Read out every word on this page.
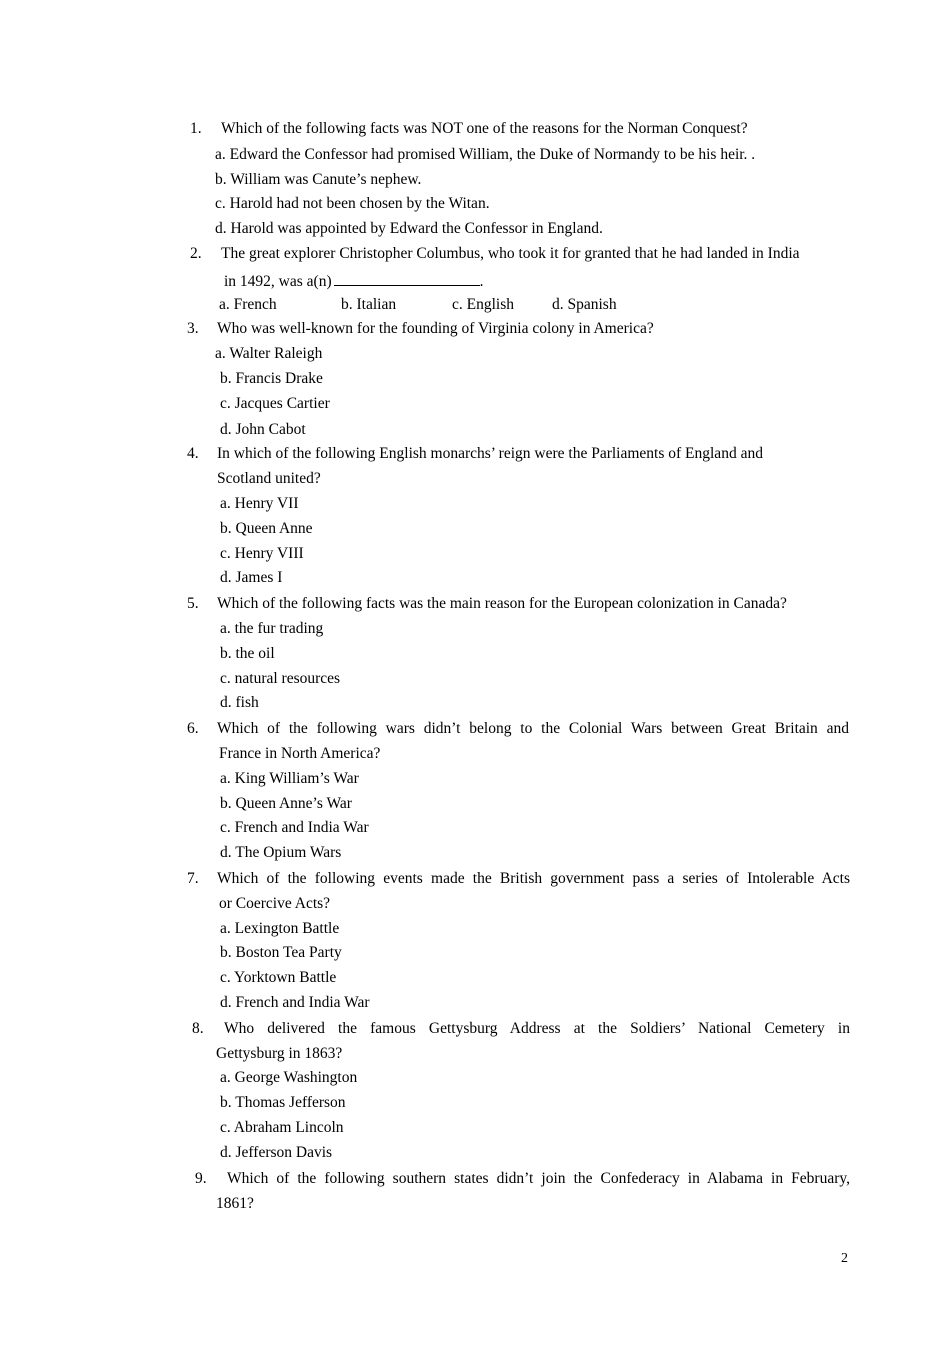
1. Which of the following facts was NOT one of the reasons for the Norman Conquest?
a. Edward the Confessor had promised William, the Duke of Normandy to be his heir. .
b. William was Canute’s nephew.
c. Harold had not been chosen by the Witan.
d. Harold was appointed by Edward the Confessor in England.
2. The great explorer Christopher Columbus, who took it for granted that he had landed in India
in 1492, was a(n)	.
a. French	b. Italian	c. English d. Spanish
3. Who was well-known for the founding of Virginia colony in America?
a. Walter Raleigh
b. Francis Drake
c. Jacques Cartier
d. John Cabot
4. In which of the following English monarchs’ reign were the Parliaments of England and
Scotland united?
a. Henry VII
b. Queen Anne
c. Henry VIII
d. James I
5. Which of the following facts was the main reason for the European colonization in Canada?
a. the fur trading
b. the oil
c. natural resources
d. fish
6. Which of the following wars didn’t belong to the Colonial Wars between Great Britain and
France in North America?
a. King William’s War
b. Queen Anne’s War
c. French and India War
d. The Opium Wars
7. Which of the following events made the British government pass a series of Intolerable Acts
or Coercive Acts?
a. Lexington Battle
b. Boston Tea Party
c. Yorktown Battle
d. French and India War
8. Who delivered the famous Gettysburg Address at the Soldiers’ National Cemetery in
Gettysburg in 1863?
a. George Washington
b. Thomas Jefferson
c. Abraham Lincoln
d. Jefferson Davis
9. Which of the following southern states didn’t join the Confederacy in Alabama in February,
1861?
2
